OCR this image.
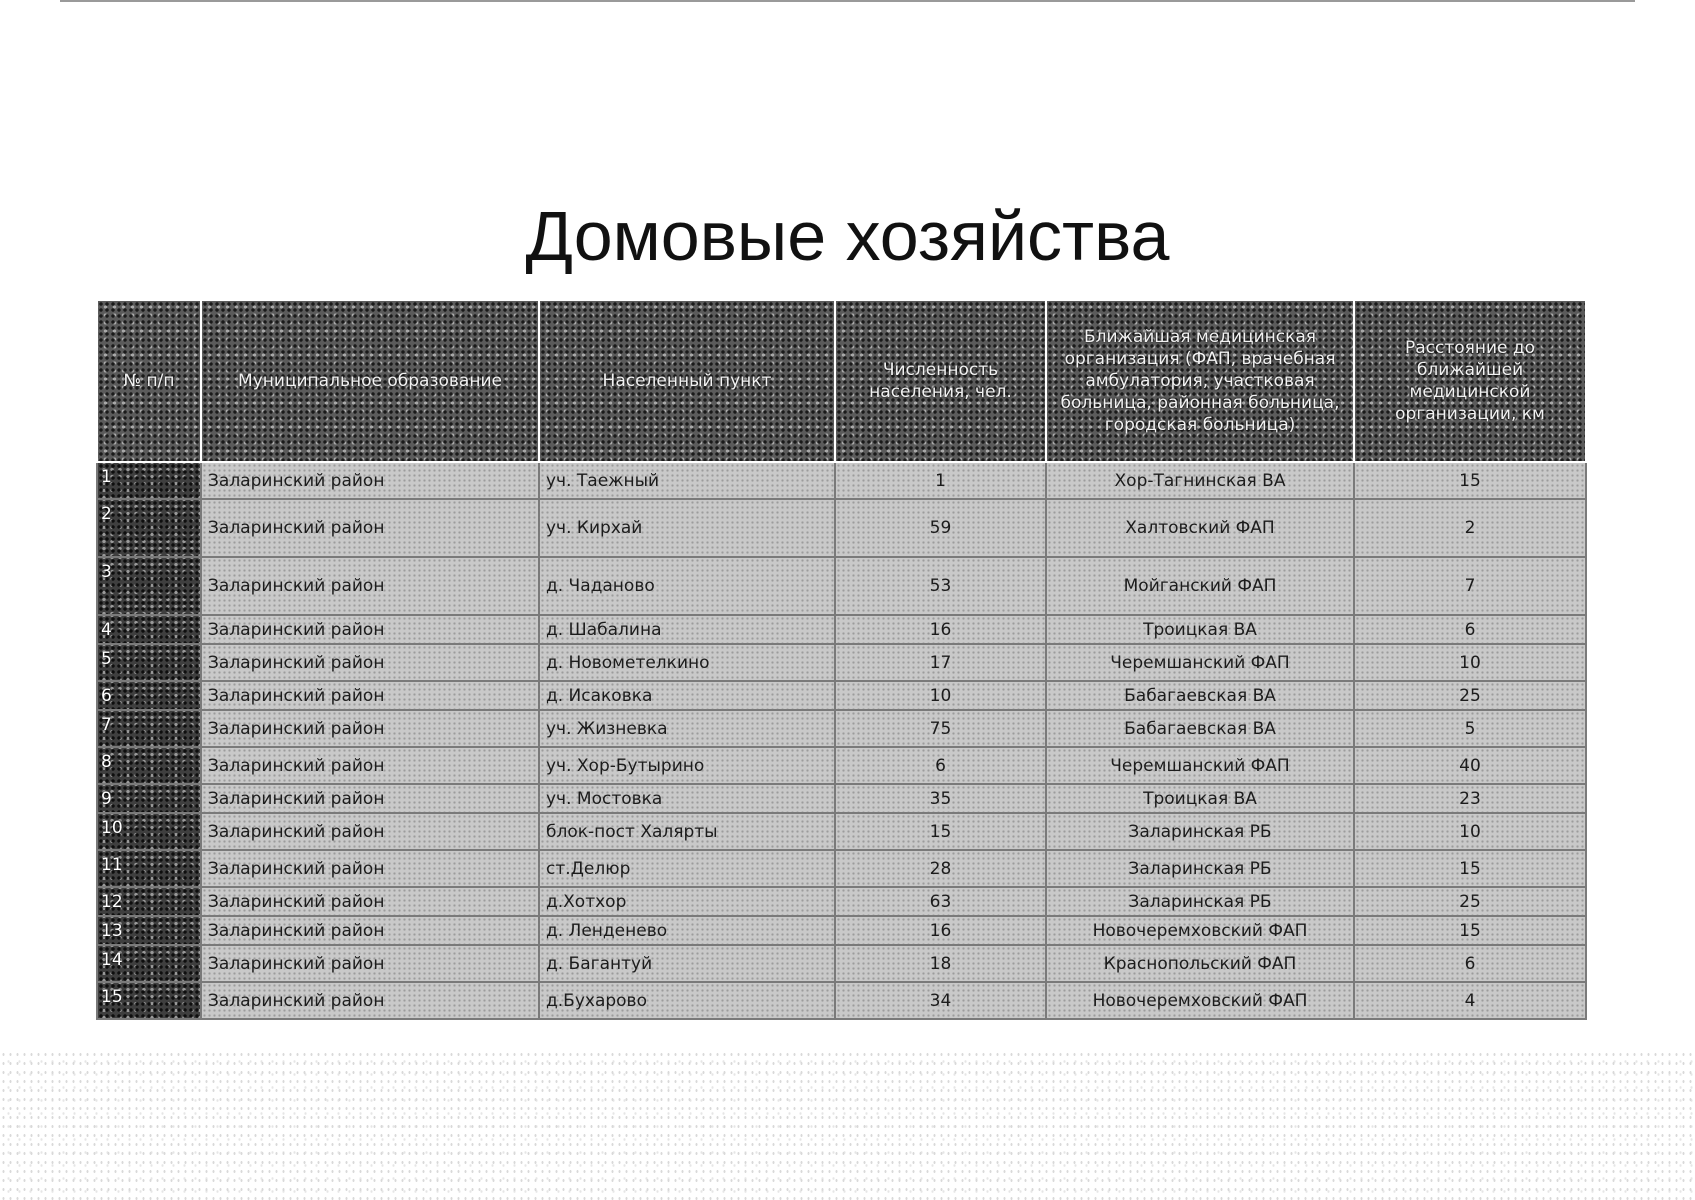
Домовые хозяйства
№ п/п	Муниципальное образование	Населенный пункт	Численность населения, чел.	Ближайшая медицинская организация (ФАП, врачебная амбулатория, участковая больница, районная больница, городская больница)	Расстояние до ближайшей медицинской организации, км
1	Заларинский район	уч. Таежный	1	Хор-Тагнинская ВА	15
2	Заларинский район	уч. Кирхай	59	Халтовский ФАП	2
3	Заларинский район	д. Чаданово	53	Мойганский ФАП	7
4	Заларинский район	д. Шабалина	16	Троицкая ВА	6
5	Заларинский район	д. Новометелкино	17	Черемшанский ФАП	10
6	Заларинский район	д. Исаковка	10	Бабагаевская ВА	25
7	Заларинский район	уч. Жизневка	75	Бабагаевская ВА	5
8	Заларинский район	уч. Хор-Бутырино	6	Черемшанский ФАП	40
9	Заларинский район	уч. Мостовка	35	Троицкая ВА	23
10	Заларинский район	блок-пост Халярты	15	Заларинская РБ	10
11	Заларинский район	ст.Делюр	28	Заларинская РБ	15
12	Заларинский район	д.Хотхор	63	Заларинская РБ	25
13	Заларинский район	д. Ленденево	16	Новочеремховский ФАП	15
14	Заларинский район	д. Багантуй	18	Краснопольский ФАП	6
15	Заларинский район	д.Бухарово	34	Новочеремховский ФАП	4
